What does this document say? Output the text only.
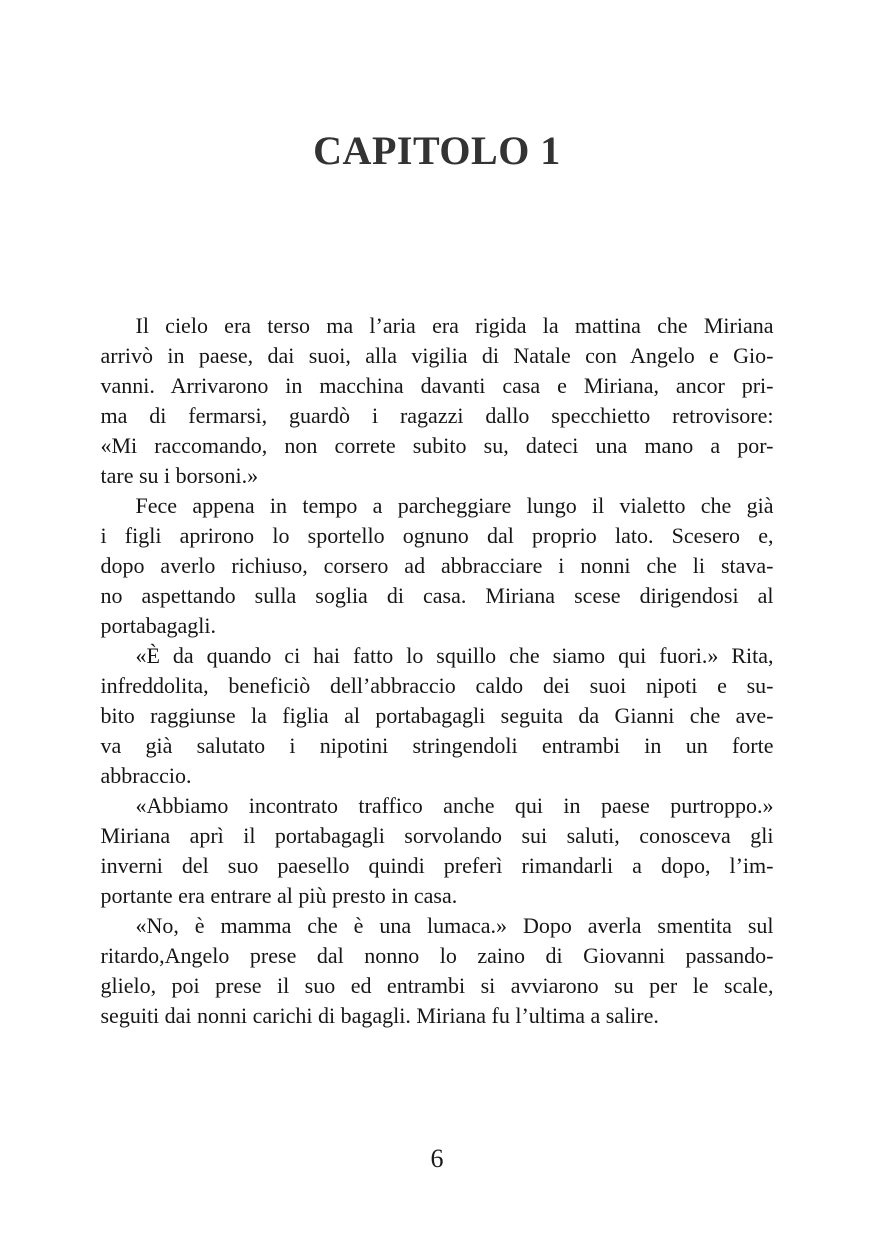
CAPITOLO 1
Il cielo era terso ma l’aria era rigida la mattina che Miriana
arrivò in paese, dai suoi, alla vigilia di Natale con Angelo e Gio-
vanni. Arrivarono in macchina davanti casa e Miriana, ancor pri-
ma di fermarsi, guardò i ragazzi dallo specchietto retrovisore:
«Mi raccomando, non correte subito su, dateci una mano a por-
tare su i borsoni.»
Fece appena in tempo a parcheggiare lungo il vialetto che già
i figli aprirono lo sportello ognuno dal proprio lato. Scesero e,
dopo averlo richiuso, corsero ad abbracciare i nonni che li stava-
no aspettando sulla soglia di casa. Miriana scese dirigendosi al
portabagagli.
«È da quando ci hai fatto lo squillo che siamo qui fuori.» Rita,
infreddolita, beneficiò dell’abbraccio caldo dei suoi nipoti e su-
bito raggiunse la figlia al portabagagli seguita da Gianni che ave-
va già salutato i nipotini stringendoli entrambi in un forte
abbraccio.
«Abbiamo incontrato traffico anche qui in paese purtroppo.»
Miriana aprì il portabagagli sorvolando sui saluti, conosceva gli
inverni del suo paesello quindi preferì rimandarli a dopo, l’im-
portante era entrare al più presto in casa.
«No, è mamma che è una lumaca.» Dopo averla smentita sul
ritardo,Angelo prese dal nonno lo zaino di Giovanni passando-
glielo, poi prese il suo ed entrambi si avviarono su per le scale,
seguiti dai nonni carichi di bagagli. Miriana fu l’ultima a salire.
6
